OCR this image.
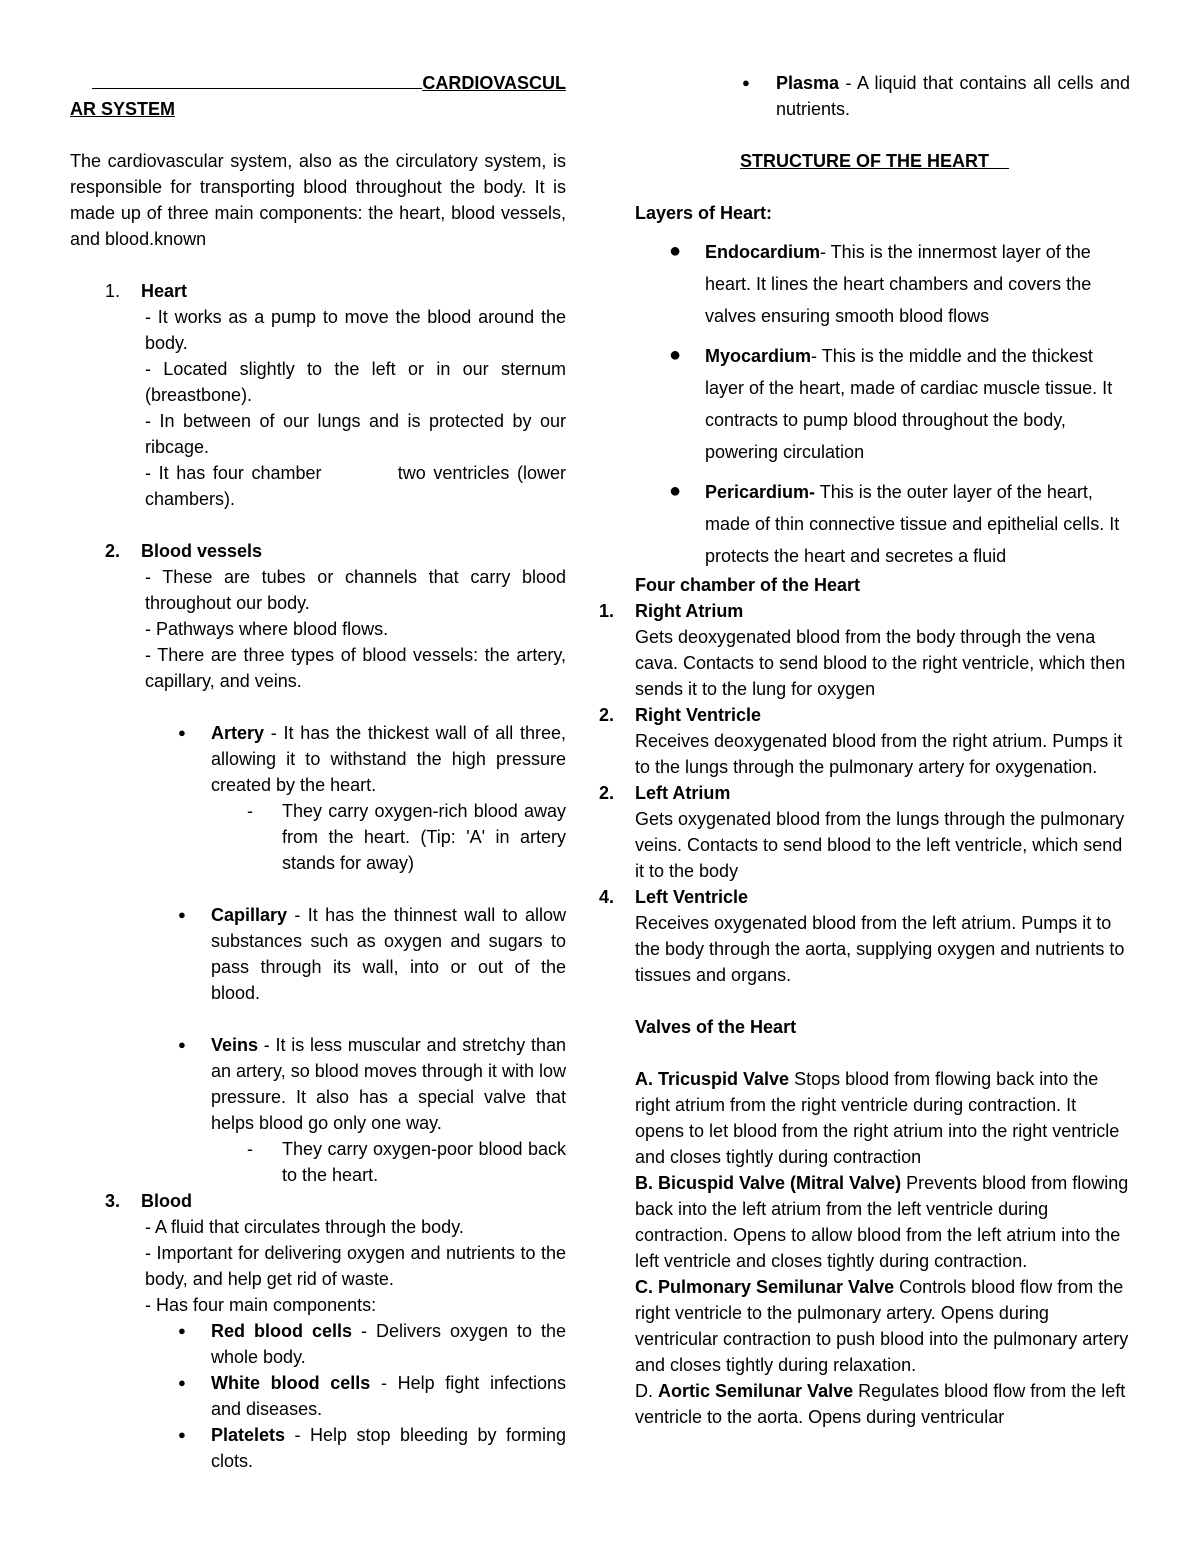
CARDIOVASCUL

AR SYSTEM

The cardiovascular system, also as the circulatory system, is responsible for transporting blood throughout the body. It is made up of three main components: the heart, blood vessels, and blood.known

1. Heart

- It works as a pump to move the blood around the body.

- Located slightly to the left or in our sternum (breastbone).

- In between of our lungs and is protected by our ribcage.

- It has four chamber          two ventricles (lower chambers).

2. Blood vessels

- These are tubes or channels that carry blood throughout our body.

- Pathways where blood flows.

- There are three types of blood vessels: the artery, capillary, and veins.

● Artery - It has the thickest wall of all three, allowing it to withstand the high pressure created by the heart.

- They carry oxygen-rich blood away from the heart. (Tip: 'A' in artery stands for away)

● Capillary - It has the thinnest wall to allow substances such as oxygen and sugars to pass through its wall, into or out of the blood.

● Veins - It is less muscular and stretchy than an artery, so blood moves through it with low pressure. It also has a special valve that helps blood go only one way.

- They carry oxygen-poor blood back to the heart.

3. Blood

- A fluid that circulates through the body.

- Important for delivering oxygen and nutrients to the body, and help get rid of waste.

- Has four main components:

● Red blood cells - Delivers oxygen to the whole body.

● White blood cells - Help fight infections and diseases.

● Platelets - Help stop bleeding by forming clots.

● Plasma - A liquid that contains all cells and nutrients.

STRUCTURE OF THE HEART

Layers of Heart:

● Endocardium- This is the innermost layer of the heart. It lines the heart chambers and covers the valves ensuring smooth blood flows

● Myocardium- This is the middle and the thickest layer of the heart, made of cardiac muscle tissue. It contracts to pump blood throughout the body, powering circulation

● Pericardium- This is the outer layer of the heart, made of thin connective tissue and epithelial cells. It protects the heart and secretes a fluid

Four chamber of the Heart

1. Right Atrium

Gets deoxygenated blood from the body through the vena cava. Contacts to send blood to the right ventricle, which then sends it to the lung for oxygen

2. Right Ventricle

Receives deoxygenated blood from the right atrium. Pumps it to the lungs through the pulmonary artery for oxygenation.

2. Left Atrium

Gets oxygenated blood from the lungs through the pulmonary veins. Contacts to send blood to the left ventricle, which send it to the body

4. Left Ventricle

Receives oxygenated blood from the left atrium. Pumps it to the body through the aorta, supplying oxygen and nutrients to tissues and organs.

Valves of the Heart

A. Tricuspid Valve Stops blood from flowing back into the right atrium from the right ventricle during contraction. It opens to let blood from the right atrium into the right ventricle and closes tightly during contraction

B. Bicuspid Valve (Mitral Valve) Prevents blood from flowing back into the left atrium from the left ventricle during contraction. Opens to allow blood from the left atrium into the left ventricle and closes tightly during contraction.

C. Pulmonary Semilunar Valve Controls blood flow from the right ventricle to the pulmonary artery. Opens during ventricular contraction to push blood into the pulmonary artery and closes tightly during relaxation.

D. Aortic Semilunar Valve Regulates blood flow from the left ventricle to the aorta. Opens during ventricular
